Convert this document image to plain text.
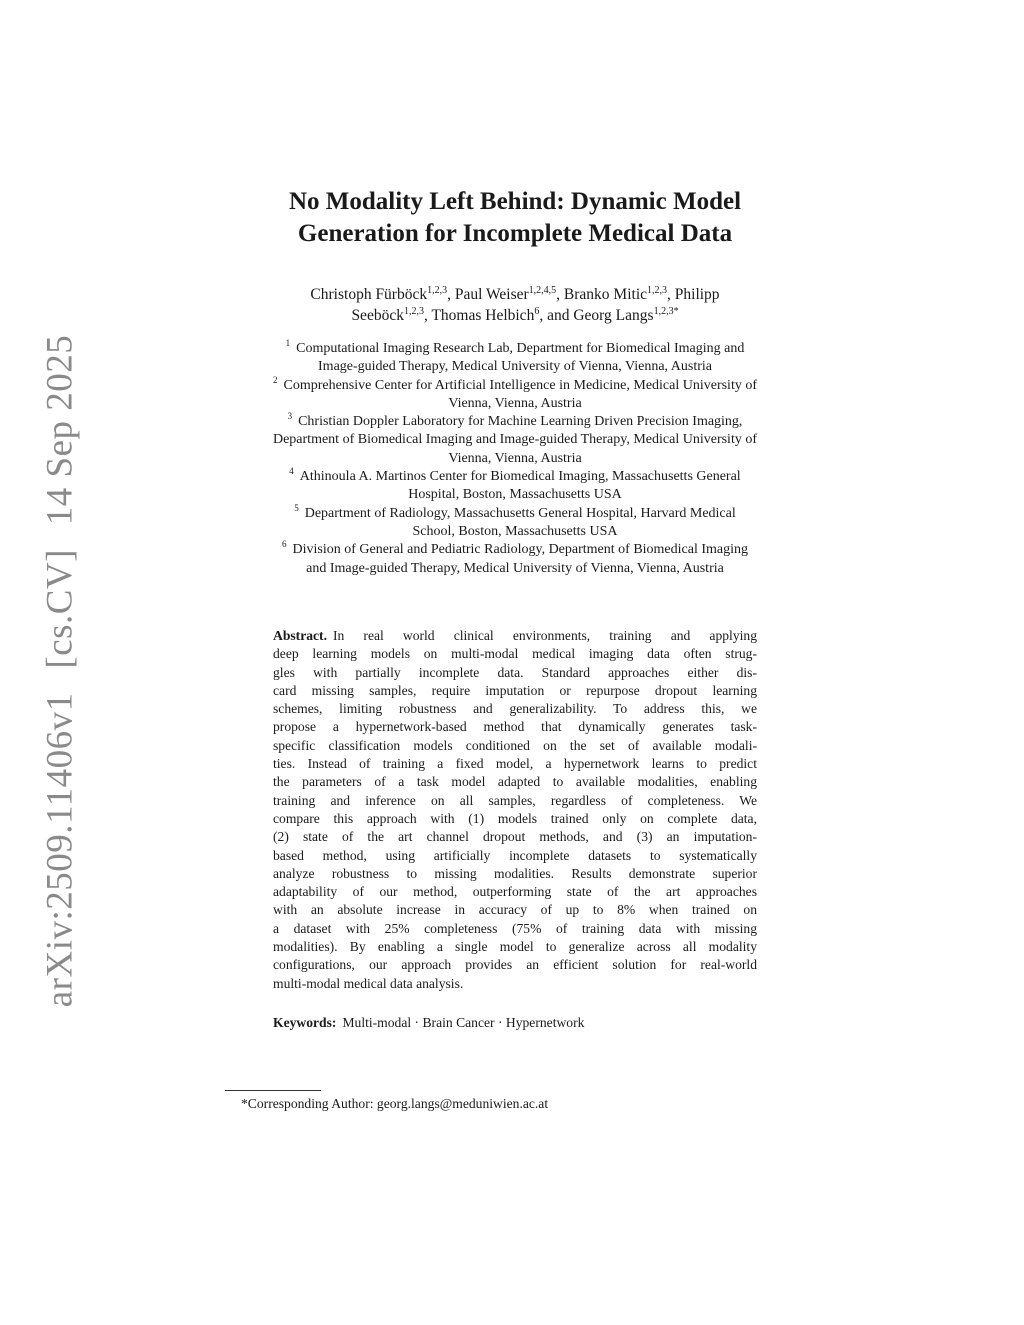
arXiv:2509.11406v1 [cs.CV] 14 Sep 2025
No Modality Left Behind: Dynamic Model
Generation for Incomplete Medical Data
Christoph Fürböck$^{1,2,3}$, Paul Weiser$^{1,2,4,5}$, Branko Mitic$^{1,2,3}$, Philipp
Seeböck$^{1,2,3}$, Thomas Helbich$^6$, and Georg Langs$^{1,2,3*}$
$^1$ Computational Imaging Research Lab, Department for Biomedical Imaging and
Image-guided Therapy, Medical University of Vienna, Vienna, Austria
$^2$ Comprehensive Center for Artificial Intelligence in Medicine, Medical University of
Vienna, Vienna, Austria
$^3$ Christian Doppler Laboratory for Machine Learning Driven Precision Imaging,
Department of Biomedical Imaging and Image-guided Therapy, Medical University of
Vienna, Vienna, Austria
$^4$ Athinoula A. Martinos Center for Biomedical Imaging, Massachusetts General
Hospital, Boston, Massachusetts USA
$^5$ Department of Radiology, Massachusetts General Hospital, Harvard Medical
School, Boston, Massachusetts USA
$^6$ Division of General and Pediatric Radiology, Department of Biomedical Imaging
and Image-guided Therapy, Medical University of Vienna, Vienna, Austria
Abstract. In real world clinical environments, training and applying
deep learning models on multi-modal medical imaging data often strug-
gles with partially incomplete data. Standard approaches either dis-
card missing samples, require imputation or repurpose dropout learning
schemes, limiting robustness and generalizability. To address this, we
propose a hypernetwork-based method that dynamically generates task-
specific classification models conditioned on the set of available modali-
ties. Instead of training a fixed model, a hypernetwork learns to predict
the parameters of a task model adapted to available modalities, enabling
training and inference on all samples, regardless of completeness. We
compare this approach with (1) models trained only on complete data,
(2) state of the art channel dropout methods, and (3) an imputation-
based method, using artificially incomplete datasets to systematically
analyze robustness to missing modalities. Results demonstrate superior
adaptability of our method, outperforming state of the art approaches
with an absolute increase in accuracy of up to 8% when trained on
a dataset with 25% completeness (75% of training data with missing
modalities). By enabling a single model to generalize across all modality
configurations, our approach provides an efficient solution for real-world
multi-modal medical data analysis.
Keywords: Multi-modal · Brain Cancer · Hypernetwork
*Corresponding Author: georg.langs@meduniwien.ac.at
